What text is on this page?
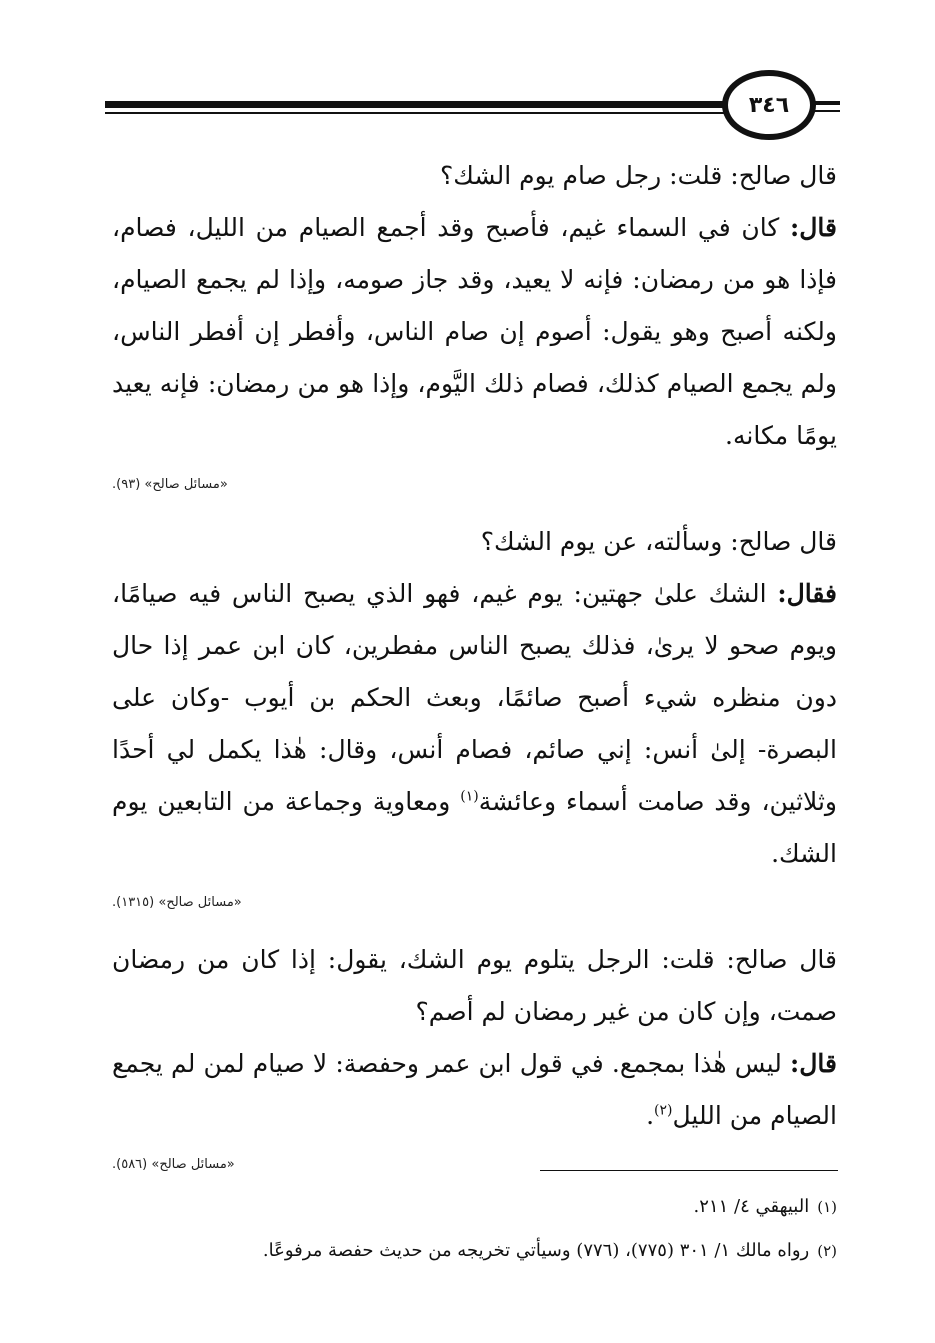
٣٤٦

قال صالح: قلت: رجل صام يوم الشك؟

قال: كان في السماء غيم، فأصبح وقد أجمع الصيام من الليل، فصام، فإذا هو من رمضان: فإنه لا يعيد، وقد جاز صومه، وإذا لم يجمع الصيام، ولكنه أصبح وهو يقول: أصوم إن صام الناس، وأفطر إن أفطر الناس، ولم يجمع الصيام كذلك، فصام ذلك اليَّوم، وإذا هو من رمضان: فإنه يعيد يومًا مكانه.

«مسائل صالح» (٩٣).

قال صالح: وسألته، عن يوم الشك؟

فقال: الشك علىٰ جهتين: يوم غيم، فهو الذي يصبح الناس فيه صيامًا، ويوم صحو لا يرىٰ، فذلك يصبح الناس مفطرين، كان ابن عمر إذا حال دون منظره شيء أصبح صائمًا، وبعث الحكم بن أيوب -وكان على البصرة- إلىٰ أنس: إني صائم، فصام أنس، وقال: هٰذا يكمل لي أحدًا وثلاثين، وقد صامت أسماء وعائشة$^{(١)}$ ومعاوية وجماعة من التابعين يوم الشك.

«مسائل صالح» (١٣١٥).

قال صالح: قلت: الرجل يتلوم يوم الشك، يقول: إذا كان من رمضان صمت، وإن كان من غير رمضان لم أصم؟

قال: ليس هٰذا بمجمع. في قول ابن عمر وحفصة: لا صيام لمن لم يجمع الصيام من الليل$^{(٢)}$.

«مسائل صالح» (٥٨٦).

(١)البيهقي ٤/ ٢١١.

(٢)رواه مالك ١/ ٣٠١ (٧٧٥)، (٧٧٦) وسيأتي تخريجه من حديث حفصة مرفوعًا.
